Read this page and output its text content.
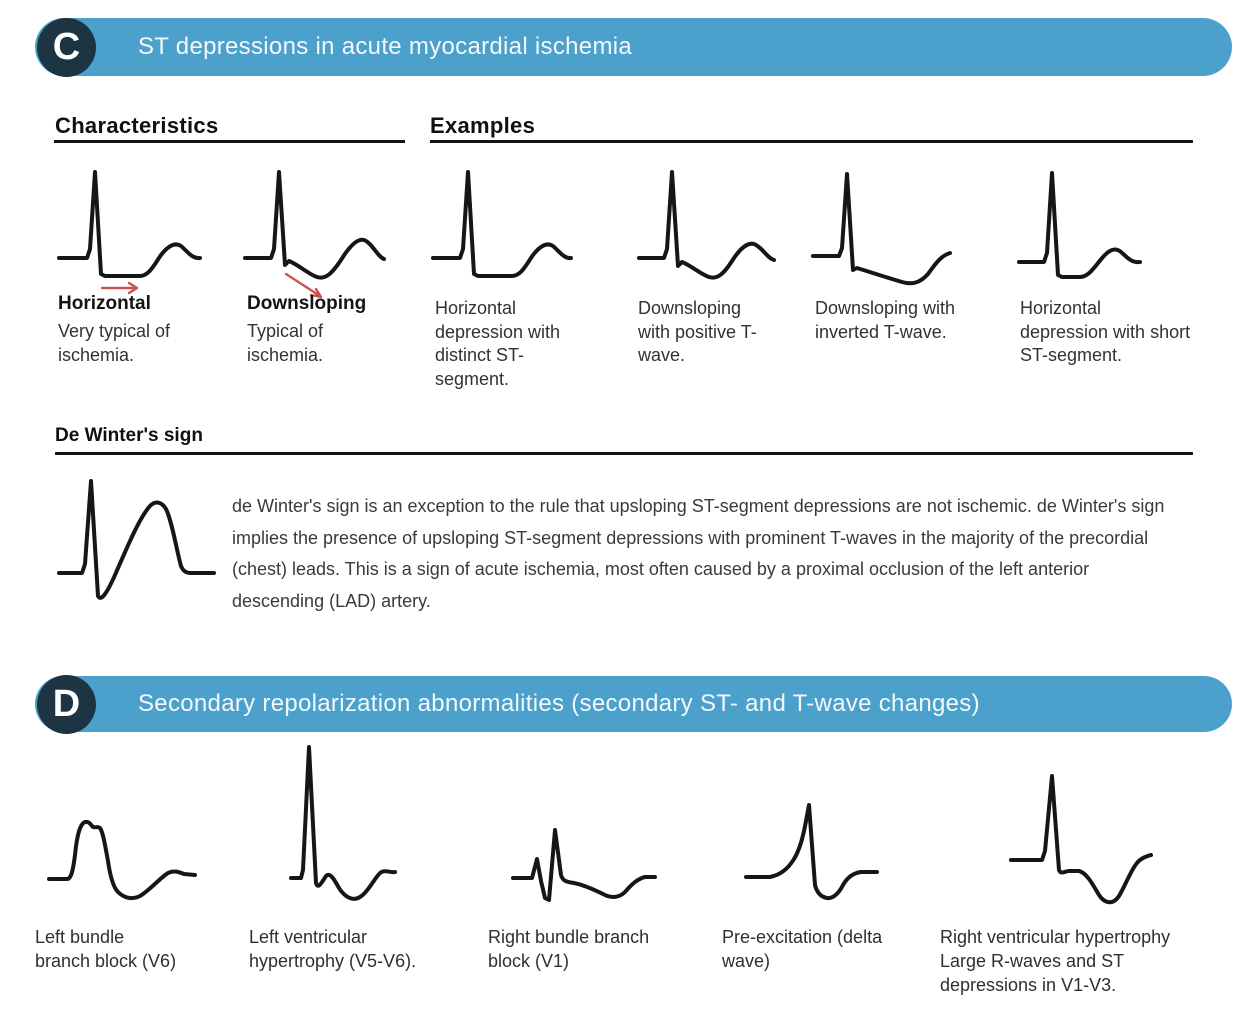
ST depressions in acute myocardial ischemia
C
Characteristics	Examples
Horizontal
Very typical of
ischemia.
Downsloping
Typical of
ischemia.
Horizontal
depression with
distinct ST-
segment.
Downsloping
with positive T-
wave.
Downsloping with
inverted T-wave.
Horizontal
depression with short
ST-segment.
De Winter's sign
de Winter's sign is an exception to the rule that upsloping ST-segment depressions are not ischemic. de Winter's sign implies the presence of upsloping ST-segment depressions with prominent T-waves in the majority of the precordial (chest) leads. This is a sign of acute ischemia, most often caused by a proximal occlusion of the left anterior descending (LAD) artery.
Secondary repolarization abnormalities (secondary ST- and T-wave changes)
D
Left bundle
branch block (V6)
Left ventricular
hypertrophy (V5-V6).
Right bundle branch
block (V1)
Pre-excitation (delta
wave)
Right ventricular hypertrophy
Large R-waves and ST
depressions in V1-V3.
